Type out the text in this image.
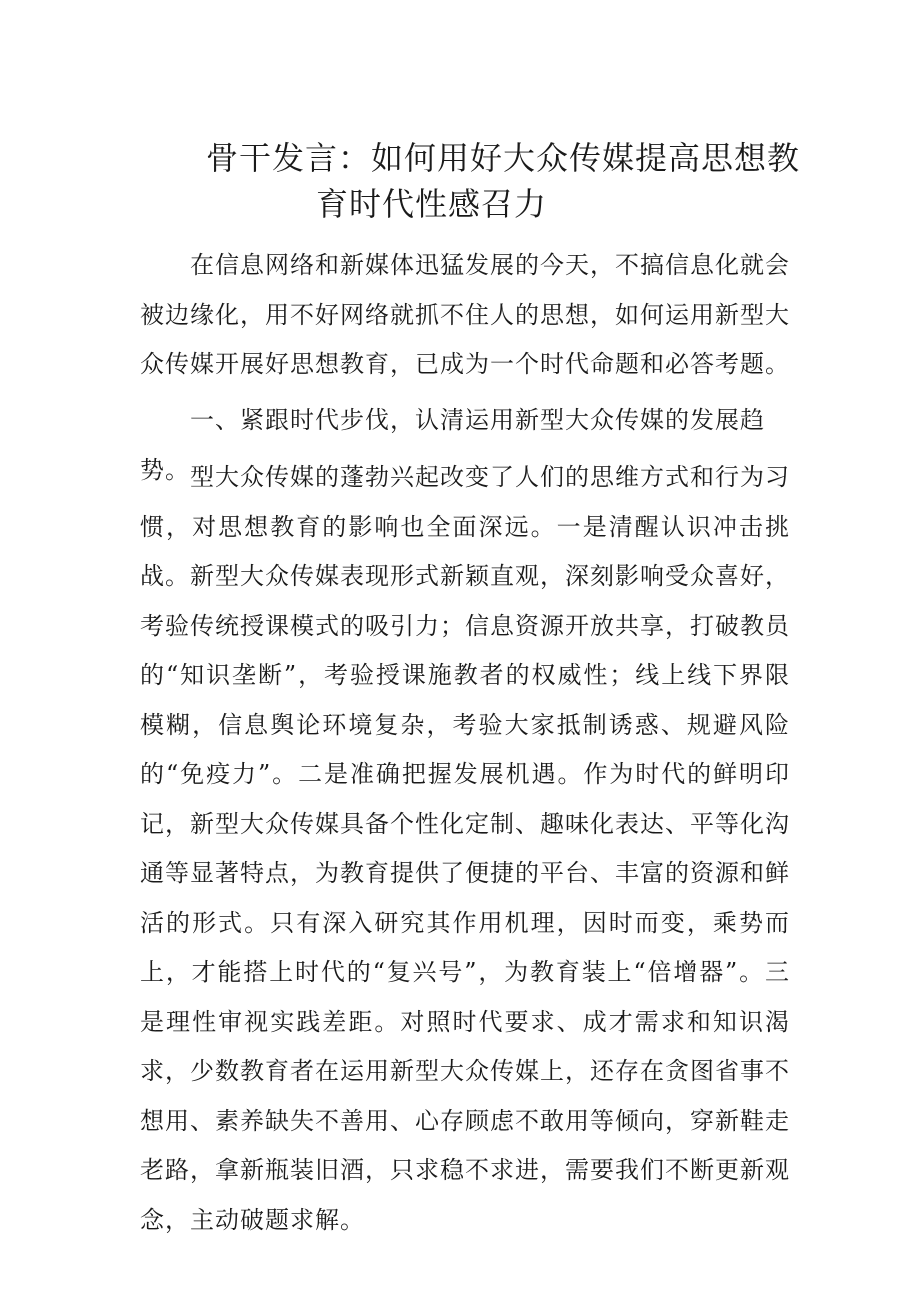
骨干发言：如何用好大众传媒提高思想教
育时代性感召力

在信息网络和新媒体迅猛发展的今天，不搞信息化就会被边缘化，用不好网络就抓不住人的思想，如何运用新型大众传媒开展好思想教育，已成为一个时代命题和必答考题。

一、紧跟时代步伐，认清运用新型大众传媒的发展趋势。 型大众传媒的蓬勃兴起改变了人们的思维方式和行为习惯，对思想教育的影响也全面深远。一是清醒认识冲击挑战。新型大众传媒表现形式新颖直观，深刻影响受众喜好，考验传统授课模式的吸引力；信息资源开放共享，打破教员的“知识垄断”，考验授课施教者的权威性；线上线下界限模糊，信息舆论环境复杂，考验大家抵制诱惑、规避风险的“免疫力”。二是准确把握发展机遇。作为时代的鲜明印记，新型大众传媒具备个性化定制、趣味化表达、平等化沟通等显著特点，为教育提供了便捷的平台、丰富的资源和鲜活的形式。只有深入研究其作用机理，因时而变，乘势而上，才能搭上时代的“复兴号”，为教育装上“倍增器”。三是理性审视实践差距。对照时代要求、成才需求和知识渴求，少数教育者在运用新型大众传媒上，还存在贪图省事不想用、素养缺失不善用、心存顾虑不敢用等倾向，穿新鞋走老路，拿新瓶装旧酒，只求稳不求进，需要我们不断更新观念，主动破题求解。
